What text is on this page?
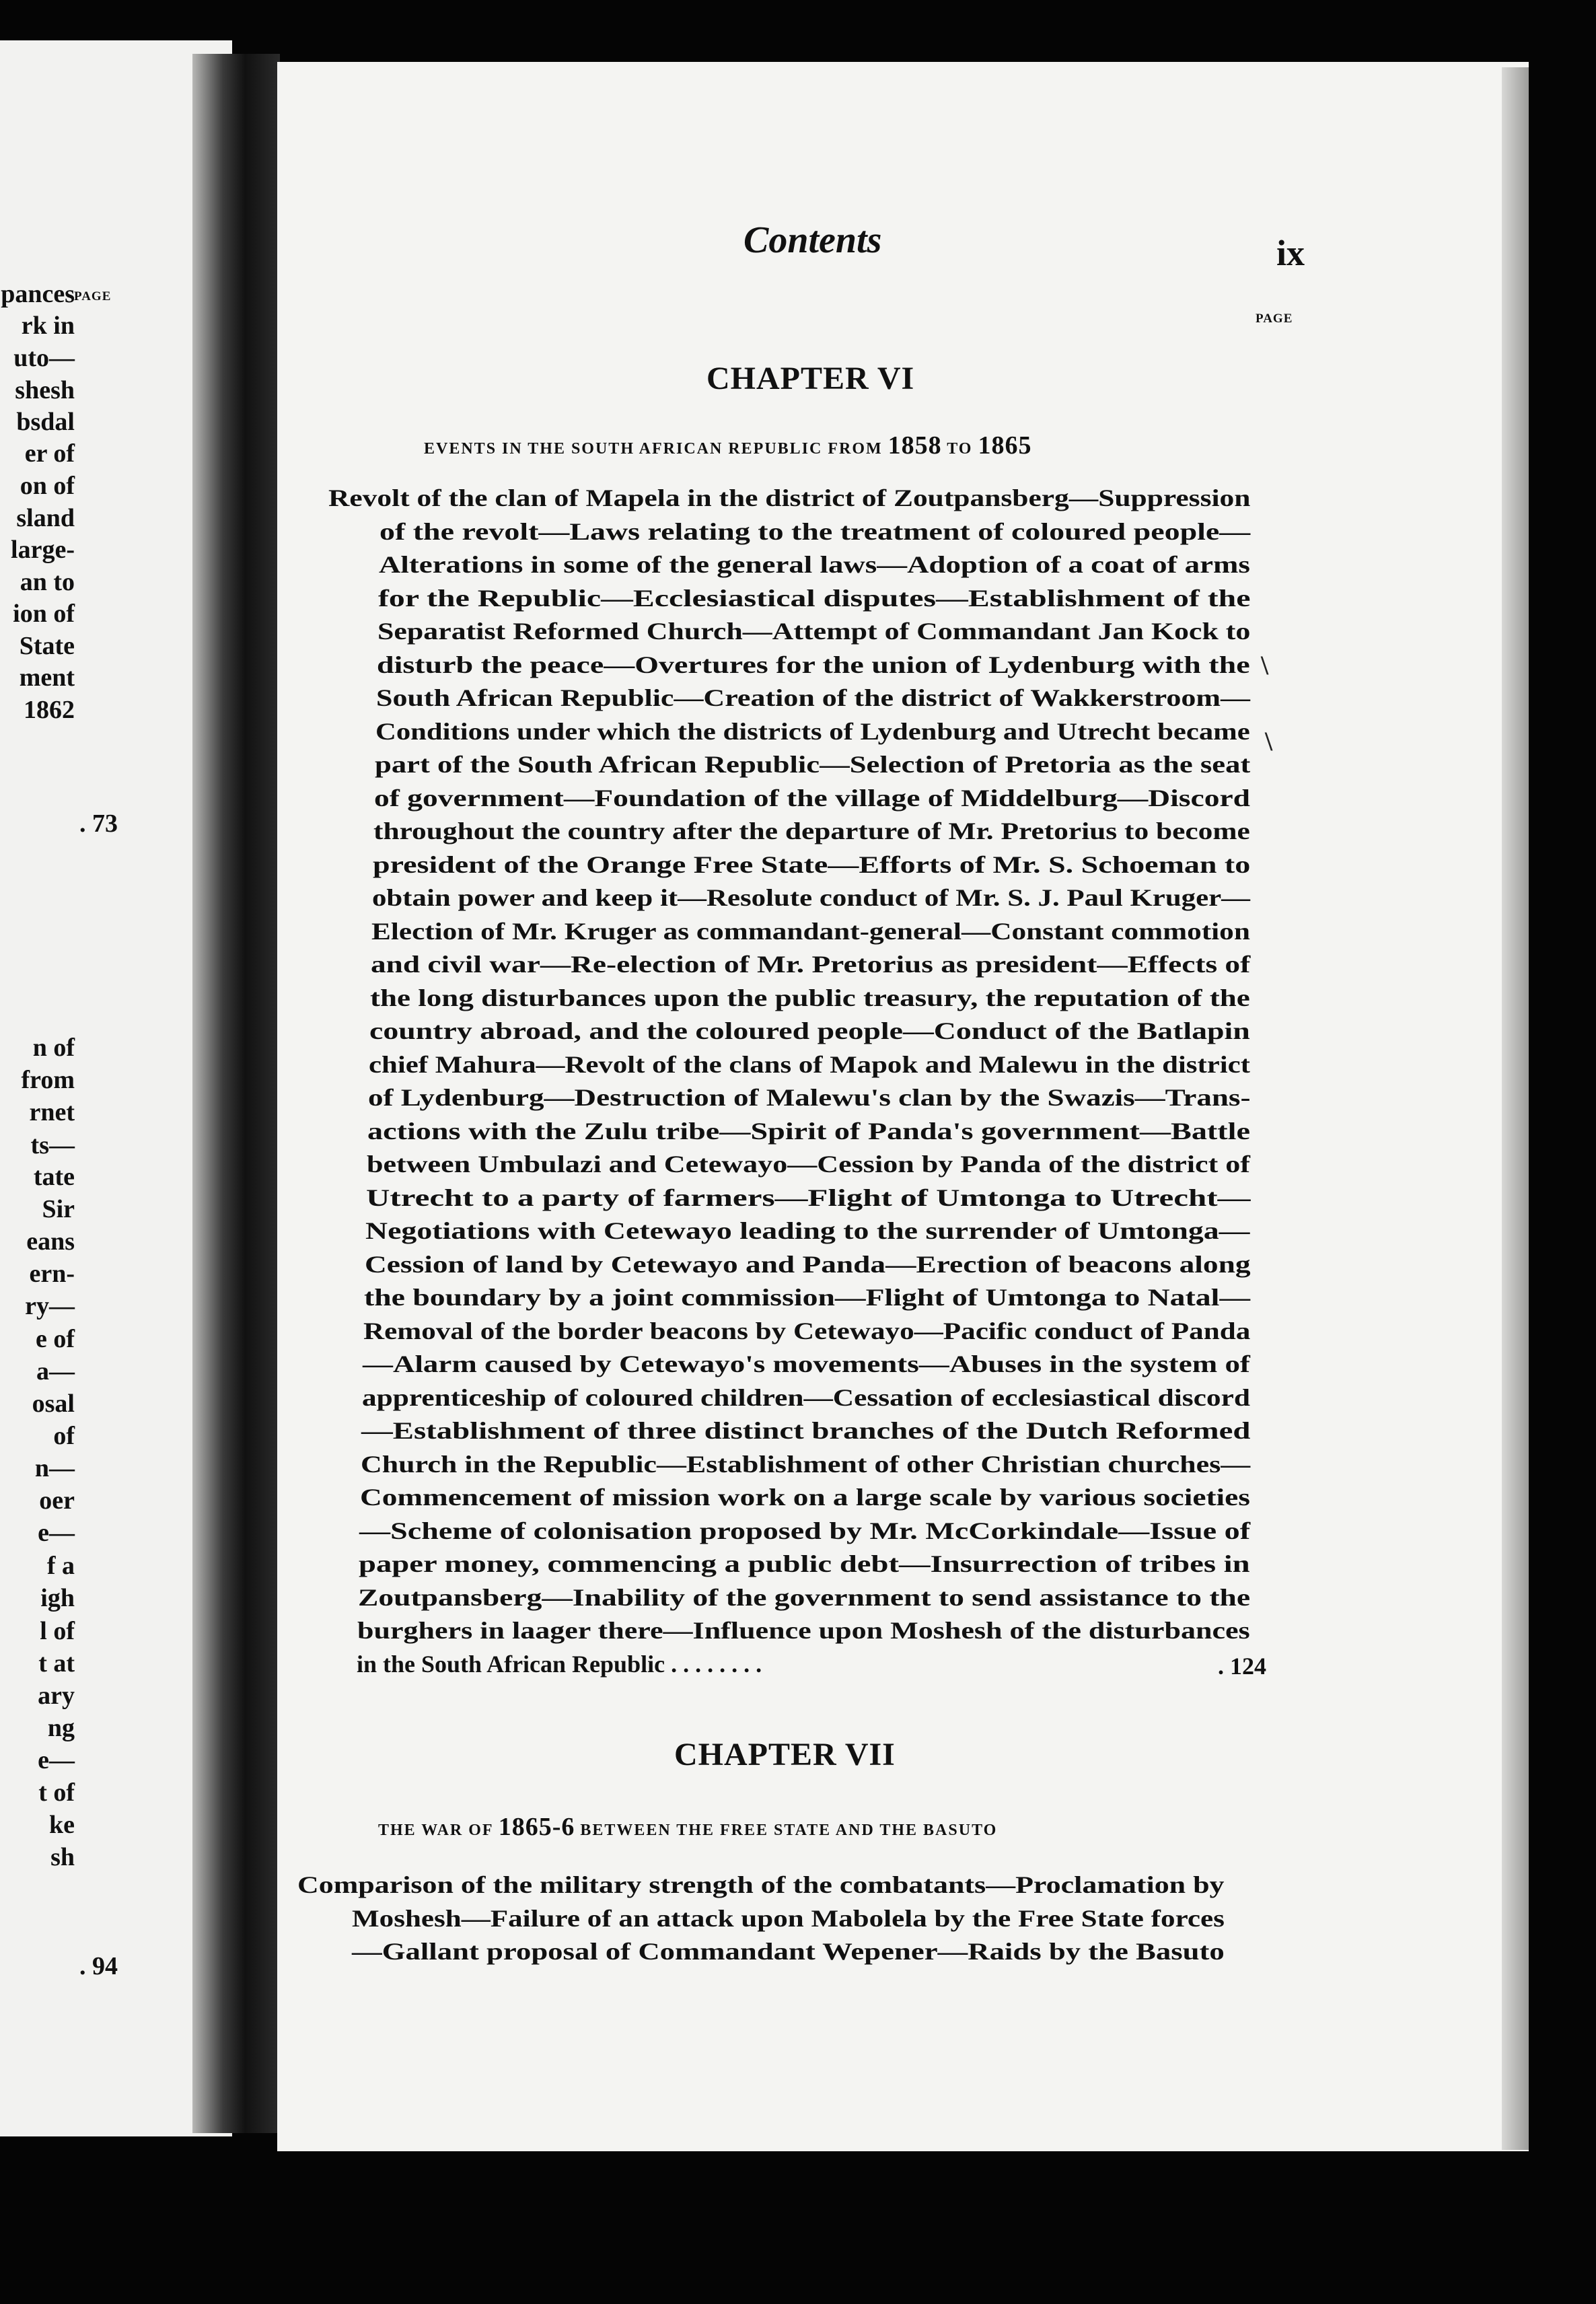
PAGE
pances
rk in
uto—
shesh
bsdal
er of
on of
sland
large-
an to
ion of
State
ment
1862
n of
from
rnet
ts—
tate
Sir
eans
ern-
ry—
e of
a—
osal
of
n—
oer
e—
f a
igh
l of
t at
ary
ng
e—
t of
ke
sh
. 73
. 94
Contents	ix
PAGE
CHAPTER VI
EVENTS IN THE SOUTH AFRICAN REPUBLIC FROM 1858 TO 1865
Revolt of the clan of Mapela in the district of Zoutpansberg—Suppression
of the revolt—Laws relating to the treatment of coloured people—
Alterations in some of the general laws—Adoption of a coat of arms
for the Republic—Ecclesiastical disputes—Establishment of the
Separatist Reformed Church—Attempt of Commandant Jan Kock to
disturb the peace—Overtures for the union of Lydenburg with the
South African Republic—Creation of the district of Wakkerstroom—
Conditions under which the districts of Lydenburg and Utrecht became
part of the South African Republic—Selection of Pretoria as the seat
of government—Foundation of the village of Middelburg—Discord
throughout the country after the departure of Mr. Pretorius to become
president of the Orange Free State—Efforts of Mr. S. Schoeman to
obtain power and keep it—Resolute conduct of Mr. S. J. Paul Kruger—
Election of Mr. Kruger as commandant-general—Constant commotion
and civil war—Re-election of Mr. Pretorius as president—Effects of
the long disturbances upon the public treasury, the reputation of the
country abroad, and the coloured people—Conduct of the Batlapin
chief Mahura—Revolt of the clans of Mapok and Malewu in the district
of Lydenburg—Destruction of Malewu's clan by the Swazis—Trans-
actions with the Zulu tribe—Spirit of Panda's government—Battle
between Umbulazi and Cetewayo—Cession by Panda of the district of
Utrecht to a party of farmers—Flight of Umtonga to Utrecht—
Negotiations with Cetewayo leading to the surrender of Umtonga—
Cession of land by Cetewayo and Panda—Erection of beacons along
the boundary by a joint commission—Flight of Umtonga to Natal—
Removal of the border beacons by Cetewayo—Pacific conduct of Panda
—Alarm caused by Cetewayo's movements—Abuses in the system of
apprenticeship of coloured children—Cessation of ecclesiastical discord
—Establishment of three distinct branches of the Dutch Reformed
Church in the Republic—Establishment of other Christian churches—
Commencement of mission work on a large scale by various societies
—Scheme of colonisation proposed by Mr. McCorkindale—Issue of
paper money, commencing a public debt—Insurrection of tribes in
Zoutpansberg—Inability of the government to send assistance to the
burghers in laager there—Influence upon Moshesh of the disturbances
in the South African Republic . . . . . . . .	. 124
\
\
CHAPTER VII
THE WAR OF 1865-6 BETWEEN THE FREE STATE AND THE BASUTO
Comparison of the military strength of the combatants—Proclamation by
Moshesh—Failure of an attack upon Mabolela by the Free State forces
—Gallant proposal of Commandant Wepener—Raids by the Basuto
